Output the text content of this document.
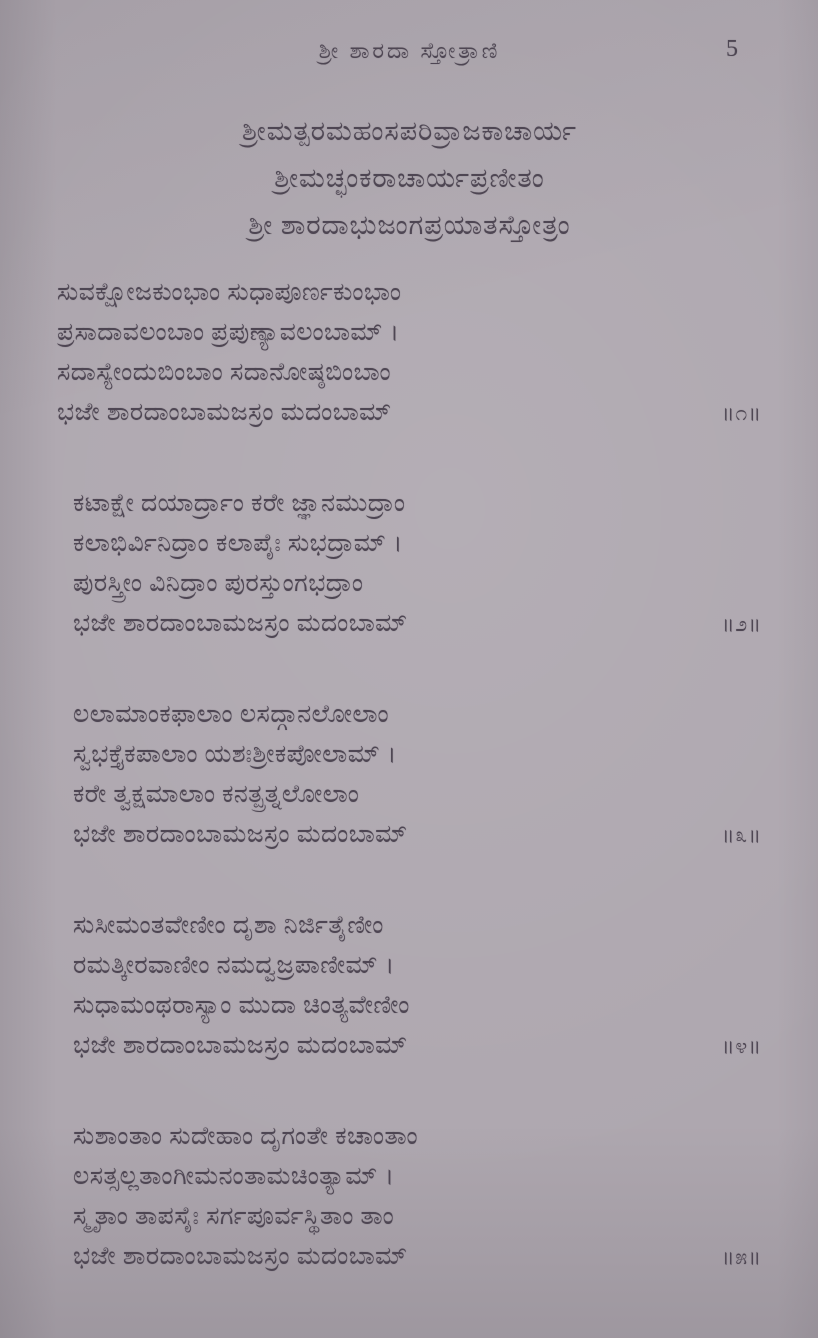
ಶ್ರೀ ಶಾರದಾ ಸ್ತೋತ್ರಾಣಿ	5
ಶ್ರೀಮತ್ಪರಮಹಂಸಪರಿವ್ರಾಜಕಾಚಾರ್ಯ
ಶ್ರೀಮಚ್ಛಂಕರಾಚಾರ್ಯಪ್ರಣೀತಂ
ಶ್ರೀ ಶಾರದಾಭುಜಂಗಪ್ರಯಾತಸ್ತೋತ್ರಂ
ಸುವಕ್ಷೋಜಕುಂಭಾಂ ಸುಧಾಪೂರ್ಣಕುಂಭಾಂ
ಪ್ರಸಾದಾವಲಂಬಾಂ ಪ್ರಪುಣ್ಯಾವಲಂಬಾಮ್ ।
ಸದಾಸ್ಯೇಂದುಬಿಂಬಾಂ ಸದಾನೋಷ್ಠಬಿಂಬಾಂ
ಭಜೇ ಶಾರದಾಂಬಾಮಜಸ್ರಂ ಮದಂಬಾಮ್	॥೧॥
ಕಟಾಕ್ಷೇ ದಯಾರ್ದ್ರಾಂ ಕರೇ ಜ್ಞಾನಮುದ್ರಾಂ
ಕಲಾಭಿರ್ವಿನಿದ್ರಾಂ ಕಲಾಪೈಃ ಸುಭದ್ರಾಮ್ ।
ಪುರಸ್ತ್ರೀಂ ವಿನಿದ್ರಾಂ ಪುರಸ್ತುಂಗಭದ್ರಾಂ
ಭಜೇ ಶಾರದಾಂಬಾಮಜಸ್ರಂ ಮದಂಬಾಮ್	॥೨॥
ಲಲಾಮಾಂಕಫಾಲಾಂ ಲಸದ್ಗಾನಲೋಲಾಂ
ಸ್ವಭಕ್ತೈಕಪಾಲಾಂ ಯಶಃಶ್ರೀಕಪೋಲಾಮ್ ।
ಕರೇ ತ್ವಕ್ಷಮಾಲಾಂ ಕನತ್ಪ್ರತ್ನಲೋಲಾಂ
ಭಜೇ ಶಾರದಾಂಬಾಮಜಸ್ರಂ ಮದಂಬಾಮ್	॥೩॥
ಸುಸೀಮಂತವೇಣೀಂ ದೃಶಾ ನಿರ್ಜಿತೈಣೀಂ
ರಮತ್ಕೀರವಾಣೀಂ ನಮದ್ವಜ್ರಪಾಣೀಮ್ ।
ಸುಧಾಮಂಥರಾಸ್ಯಾಂ ಮುದಾ ಚಿಂತ್ಯವೇಣೀಂ
ಭಜೇ ಶಾರದಾಂಬಾಮಜಸ್ರಂ ಮದಂಬಾಮ್	॥೪॥
ಸುಶಾಂತಾಂ ಸುದೇಹಾಂ ದೃಗಂತೇ ಕಚಾಂತಾಂ
ಲಸತ್ಸಲ್ಲತಾಂಗೀಮನಂತಾಮಚಿಂತ್ಯಾಮ್ ।
ಸ್ಮೃತಾಂ ತಾಪಸೈಃ ಸರ್ಗಪೂರ್ವಸ್ಥಿತಾಂ ತಾಂ
ಭಜೇ ಶಾರದಾಂಬಾಮಜಸ್ರಂ ಮದಂಬಾಮ್	॥೫॥
